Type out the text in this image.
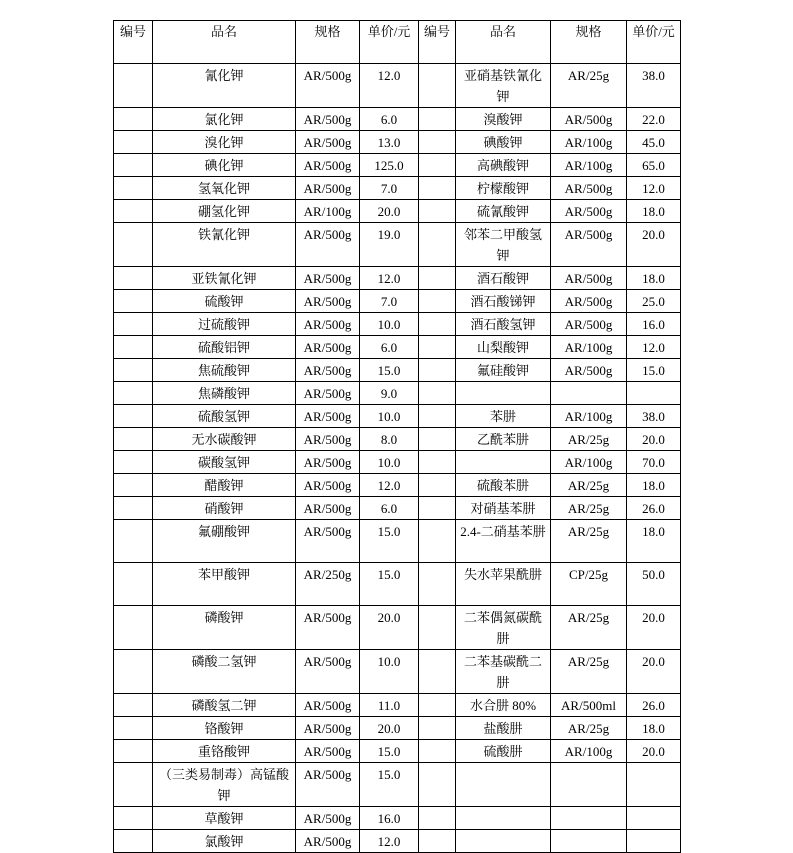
编号	品名	规格	单价/元	编号	品名	规格	单价/元
	氰化钾	AR/500g	12.0		亚硝基铁氰化钾	AR/25g	38.0
	氯化钾	AR/500g	6.0		溴酸钾	AR/500g	22.0
	溴化钾	AR/500g	13.0		碘酸钾	AR/100g	45.0
	碘化钾	AR/500g	125.0		高碘酸钾	AR/100g	65.0
	氢氧化钾	AR/500g	7.0		柠檬酸钾	AR/500g	12.0
	硼氢化钾	AR/100g	20.0		硫氰酸钾	AR/500g	18.0
	铁氰化钾	AR/500g	19.0		邻苯二甲酸氢钾	AR/500g	20.0
	亚铁氰化钾	AR/500g	12.0		酒石酸钾	AR/500g	18.0
	硫酸钾	AR/500g	7.0		酒石酸锑钾	AR/500g	25.0
	过硫酸钾	AR/500g	10.0		酒石酸氢钾	AR/500g	16.0
	硫酸铝钾	AR/500g	6.0		山梨酸钾	AR/100g	12.0
	焦硫酸钾	AR/500g	15.0		氟硅酸钾	AR/500g	15.0
	焦磷酸钾	AR/500g	9.0				
	硫酸氢钾	AR/500g	10.0		苯肼	AR/100g	38.0
	无水碳酸钾	AR/500g	8.0		乙酰苯肼	AR/25g	20.0
	碳酸氢钾	AR/500g	10.0			AR/100g	70.0
	醋酸钾	AR/500g	12.0		硫酸苯肼	AR/25g	18.0
	硝酸钾	AR/500g	6.0		对硝基苯肼	AR/25g	26.0
	氟硼酸钾	AR/500g	15.0		2.4-二硝基苯肼	AR/25g	18.0
	苯甲酸钾	AR/250g	15.0		失水苹果酰肼	CP/25g	50.0
	磷酸钾	AR/500g	20.0		二苯偶氮碳酰肼	AR/25g	20.0
	磷酸二氢钾	AR/500g	10.0		二苯基碳酰二肼	AR/25g	20.0
	磷酸氢二钾	AR/500g	11.0		水合肼 80%	AR/500ml	26.0
	铬酸钾	AR/500g	20.0		盐酸肼	AR/25g	18.0
	重铬酸钾	AR/500g	15.0		硫酸肼	AR/100g	20.0
	（三类易制毒）高锰酸钾	AR/500g	15.0				
	草酸钾	AR/500g	16.0				
	氯酸钾	AR/500g	12.0				
